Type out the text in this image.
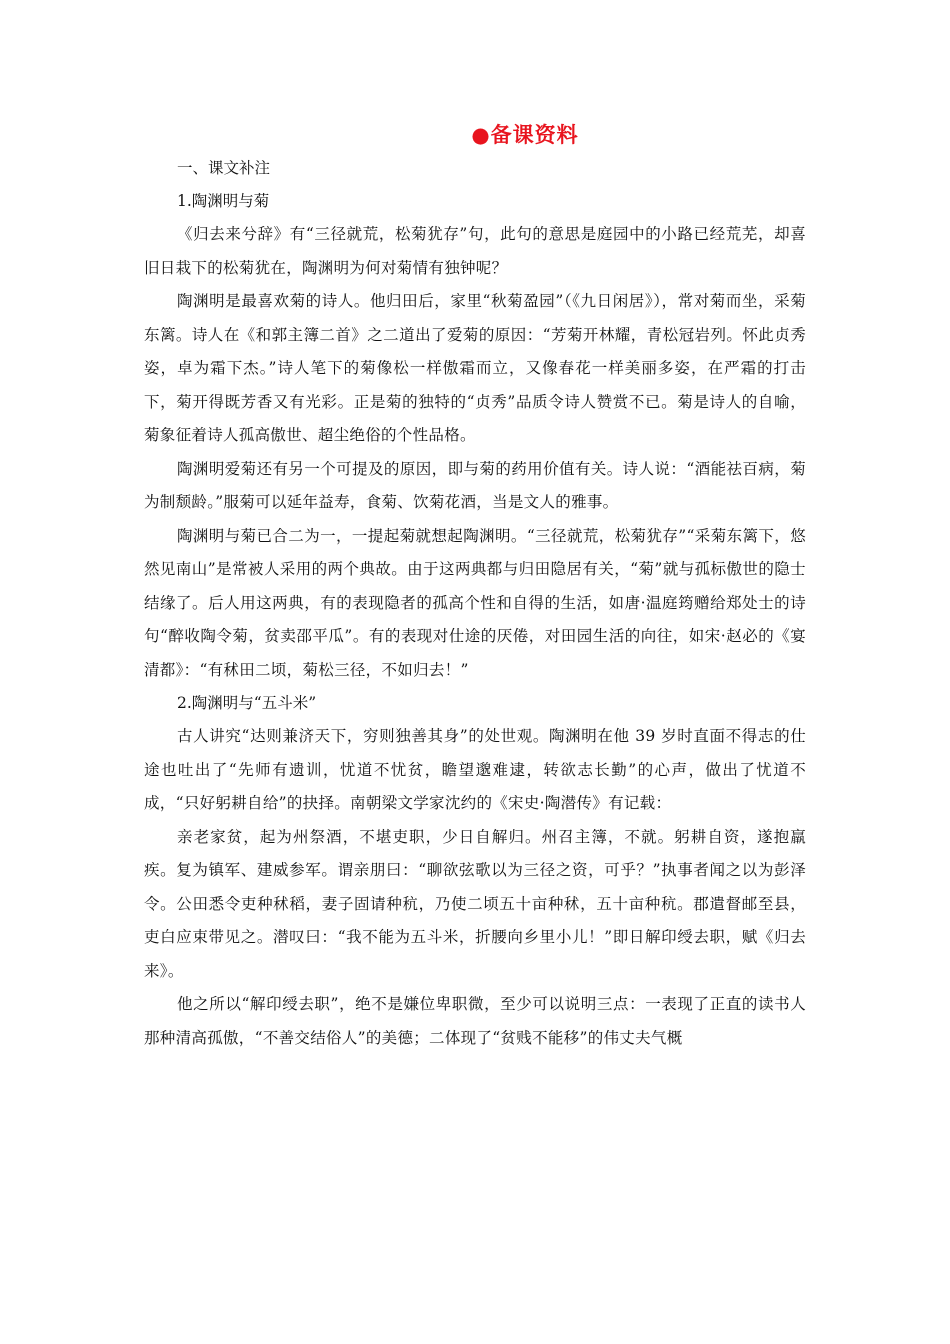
●备课资料

一、课文补注

1.陶渊明与菊

《归去来兮辞》有“三径就荒，松菊犹存”句，此句的意思是庭园中的小路已经荒芜，却喜旧日栽下的松菊犹在，陶渊明为何对菊情有独钟呢？

陶渊明是最喜欢菊的诗人。他归田后，家里“秋菊盈园”（《九日闲居》），常对菊而坐，采菊东篱。诗人在《和郭主簿二首》之二道出了爱菊的原因：“芳菊开林耀，青松冠岩列。怀此贞秀姿，卓为霜下杰。”诗人笔下的菊像松一样傲霜而立，又像春花一样美丽多姿，在严霜的打击下，菊开得既芳香又有光彩。正是菊的独特的“贞秀”品质令诗人赞赏不已。菊是诗人的自喻，菊象征着诗人孤高傲世、超尘绝俗的个性品格。

陶渊明爱菊还有另一个可提及的原因，即与菊的药用价值有关。诗人说：“酒能祛百病，菊为制颓龄。”服菊可以延年益寿，食菊、饮菊花酒，当是文人的雅事。

陶渊明与菊已合二为一，一提起菊就想起陶渊明。“三径就荒，松菊犹存”“采菊东篱下，悠然见南山”是常被人采用的两个典故。由于这两典都与归田隐居有关，“菊”就与孤标傲世的隐士结缘了。后人用这两典，有的表现隐者的孤高个性和自得的生活，如唐·温庭筠赠给郑处士的诗句“醉收陶令菊，贫卖邵平瓜”。有的表现对仕途的厌倦，对田园生活的向往，如宋·赵必的《宴清都》：“有秫田二顷，菊松三径，不如归去！”

2.陶渊明与“五斗米”

古人讲究“达则兼济天下，穷则独善其身”的处世观。陶渊明在他 39 岁时直面不得志的仕途也吐出了“先师有遗训，忧道不忧贫，瞻望邈难逮，转欲志长勤”的心声，做出了忧道不成，“只好躬耕自给”的抉择。南朝梁文学家沈约的《宋史·陶潜传》有记载：

亲老家贫，起为州祭酒，不堪吏职，少日自解归。州召主簿，不就。躬耕自资，遂抱羸疾。复为镇军、建威参军。谓亲朋曰：“聊欲弦歌以为三径之资，可乎？”执事者闻之以为彭泽令。公田悉令吏种秫稻，妻子固请种秔，乃使二顷五十亩种秫，五十亩种秔。郡遣督邮至县，吏白应束带见之。潜叹曰：“我不能为五斗米，折腰向乡里小儿！”即日解印绶去职，赋《归去来》。

他之所以“解印绶去职”，绝不是嫌位卑职微，至少可以说明三点：一表现了正直的读书人那种清高孤傲，“不善交结俗人”的美德；二体现了“贫贱不能移”的伟丈夫气概
